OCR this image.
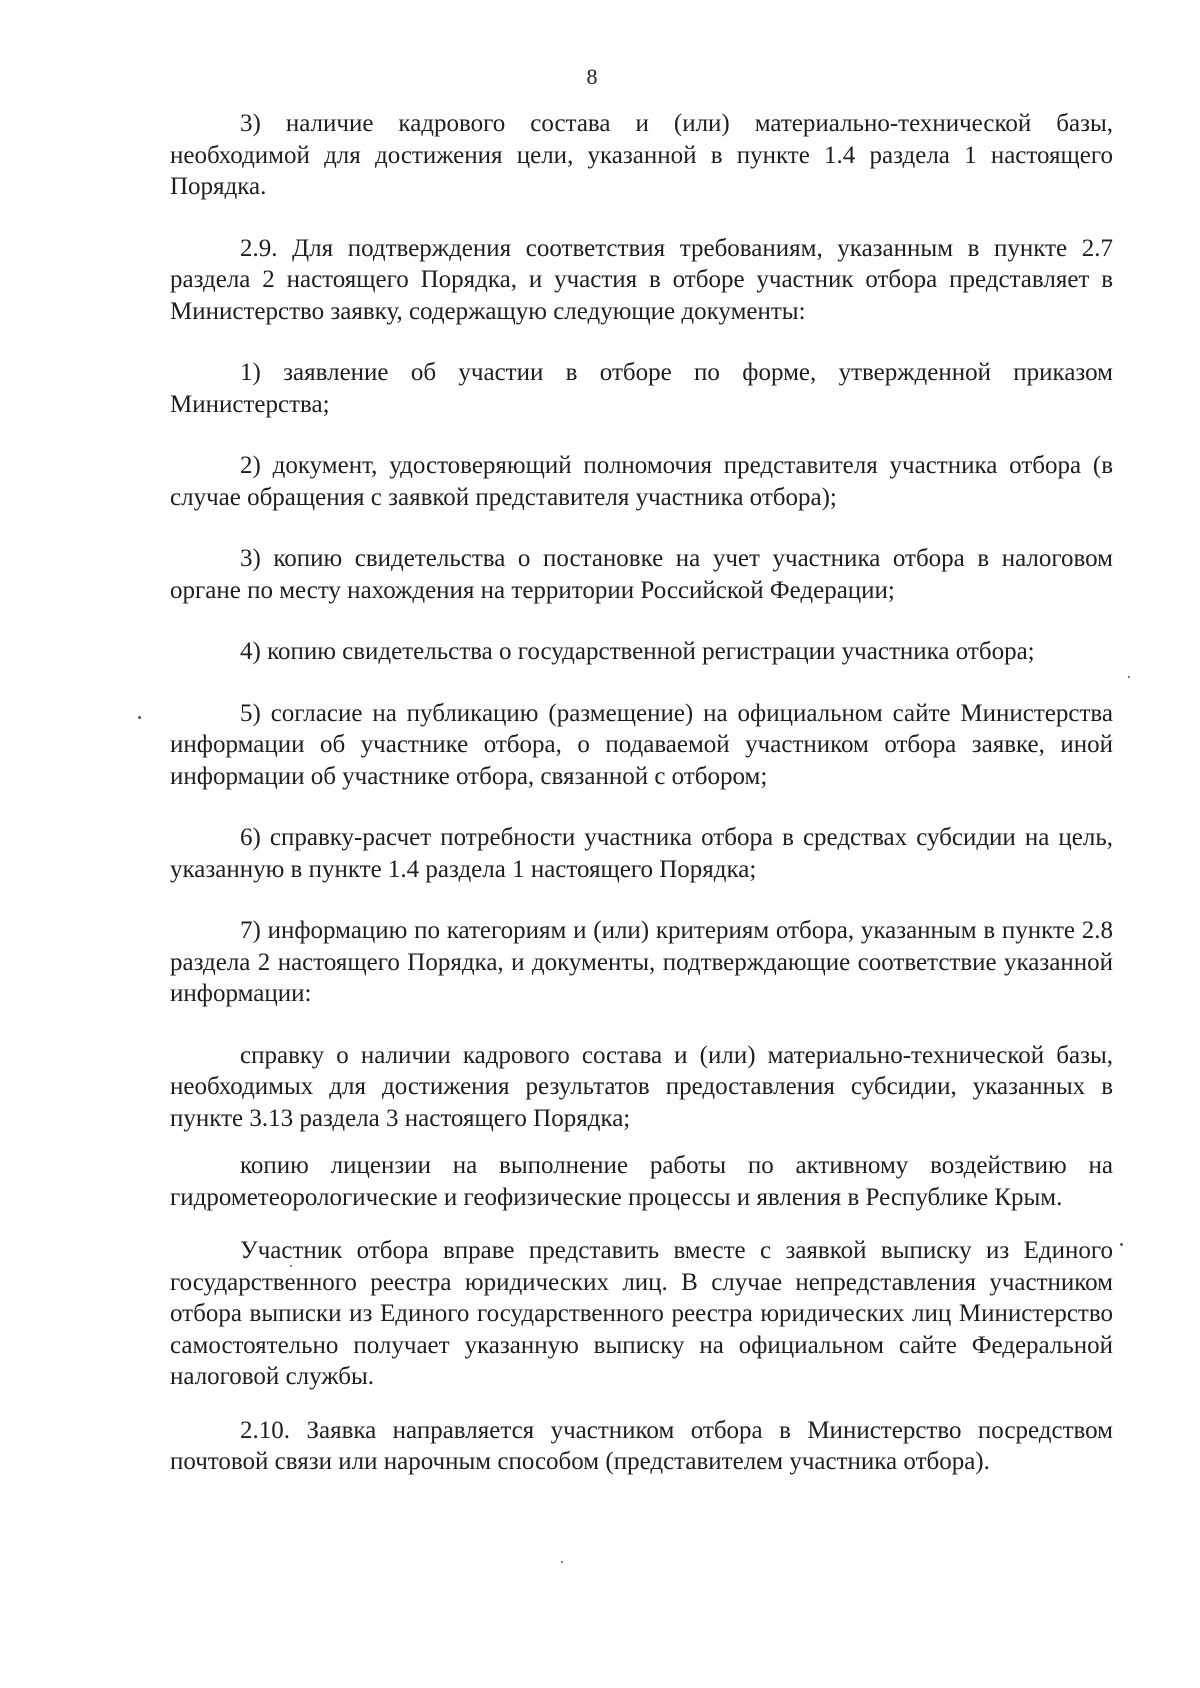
8

3) наличие кадрового состава и (или) материально-технической базы, необходимой для достижения цели, указанной в пункте 1.4 раздела 1 настоящего Порядка.

2.9. Для подтверждения соответствия требованиям, указанным в пункте 2.7 раздела 2 настоящего Порядка, и участия в отборе участник отбора представляет в Министерство заявку, содержащую следующие документы:

1) заявление об участии в отборе по форме, утвержденной приказом Министерства;

2) документ, удостоверяющий полномочия представителя участника отбора (в случае обращения с заявкой представителя участника отбора);

3) копию свидетельства о постановке на учет участника отбора в налоговом органе по месту нахождения на территории Российской Федерации;

4) копию свидетельства о государственной регистрации участника отбора;

5) согласие на публикацию (размещение) на официальном сайте Министерства информации об участнике отбора, о подаваемой участником отбора заявке, иной информации об участнике отбора, связанной с отбором;

6) справку-расчет потребности участника отбора в средствах субсидии на цель, указанную в пункте 1.4 раздела 1 настоящего Порядка;

7) информацию по категориям и (или) критериям отбора, указанным в пункте 2.8 раздела 2 настоящего Порядка, и документы, подтверждающие соответствие указанной информации:

справку о наличии кадрового состава и (или) материально-технической базы, необходимых для достижения результатов предоставления субсидии, указанных в пункте 3.13 раздела 3 настоящего Порядка;

копию лицензии на выполнение работы по активному воздействию на гидрометеорологические и геофизические процессы и явления в Республике Крым.

Участник отбора вправе представить вместе с заявкой выписку из Единого государственного реестра юридических лиц. В случае непредставления участником отбора выписки из Единого государственного реестра юридических лиц Министерство самостоятельно получает указанную выписку на официальном сайте Федеральной налоговой службы.

2.10. Заявка направляется участником отбора в Министерство посредством почтовой связи или нарочным способом (представителем участника отбора).
